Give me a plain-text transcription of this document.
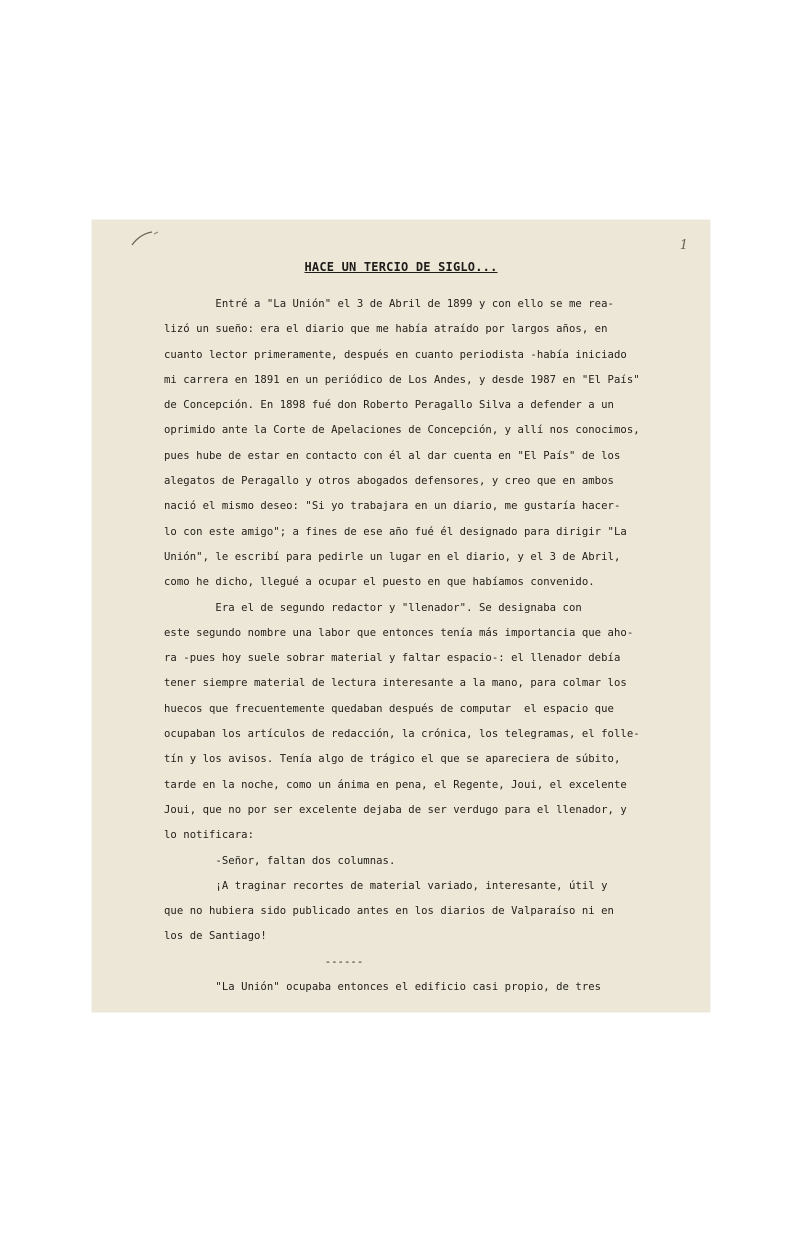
1
HACE UN TERCIO DE SIGLO...
Entré a "La Unión" el 3 de Abril de 1899 y con ello se me rea-
lizó un sueño: era el diario que me había atraído por largos años, en
cuanto lector primeramente, después en cuanto periodista -había iniciado
mi carrera en 1891 en un periódico de Los Andes, y desde 1987 en "El País"
de Concepción. En 1898 fué don Roberto Peragallo Silva a defender a un
oprimido ante la Corte de Apelaciones de Concepción, y allí nos conocimos,
pues hube de estar en contacto con él al dar cuenta en "El País" de los
alegatos de Peragallo y otros abogados defensores, y creo que en ambos
nació el mismo deseo: "Si yo trabajara en un diario, me gustaría hacer-
lo con este amigo"; a fines de ese año fué él designado para dirigir "La
Unión", le escribí para pedirle un lugar en el diario, y el 3 de Abril,
como he dicho, llegué a ocupar el puesto en que habíamos convenido.
Era el de segundo redactor y "llenador". Se designaba con
este segundo nombre una labor que entonces tenía más importancia que aho-
ra -pues hoy suele sobrar material y faltar espacio-: el llenador debía
tener siempre material de lectura interesante a la mano, para colmar los
huecos que frecuentemente quedaban después de computar  el espacio que
ocupaban los artículos de redacción, la crónica, los telegramas, el folle-
tín y los avisos. Tenía algo de trágico el que se apareciera de súbito,
tarde en la noche, como un ánima en pena, el Regente, Joui, el excelente
Joui, que no por ser excelente dejaba de ser verdugo para el llenador, y
lo notificara:
-Señor, faltan dos columnas.
¡A traginar recortes de material variado, interesante, útil y
que no hubiera sido publicado antes en los diarios de Valparaíso ni en
los de Santiago!
------
"La Unión" ocupaba entonces el edificio casi propio, de tres
